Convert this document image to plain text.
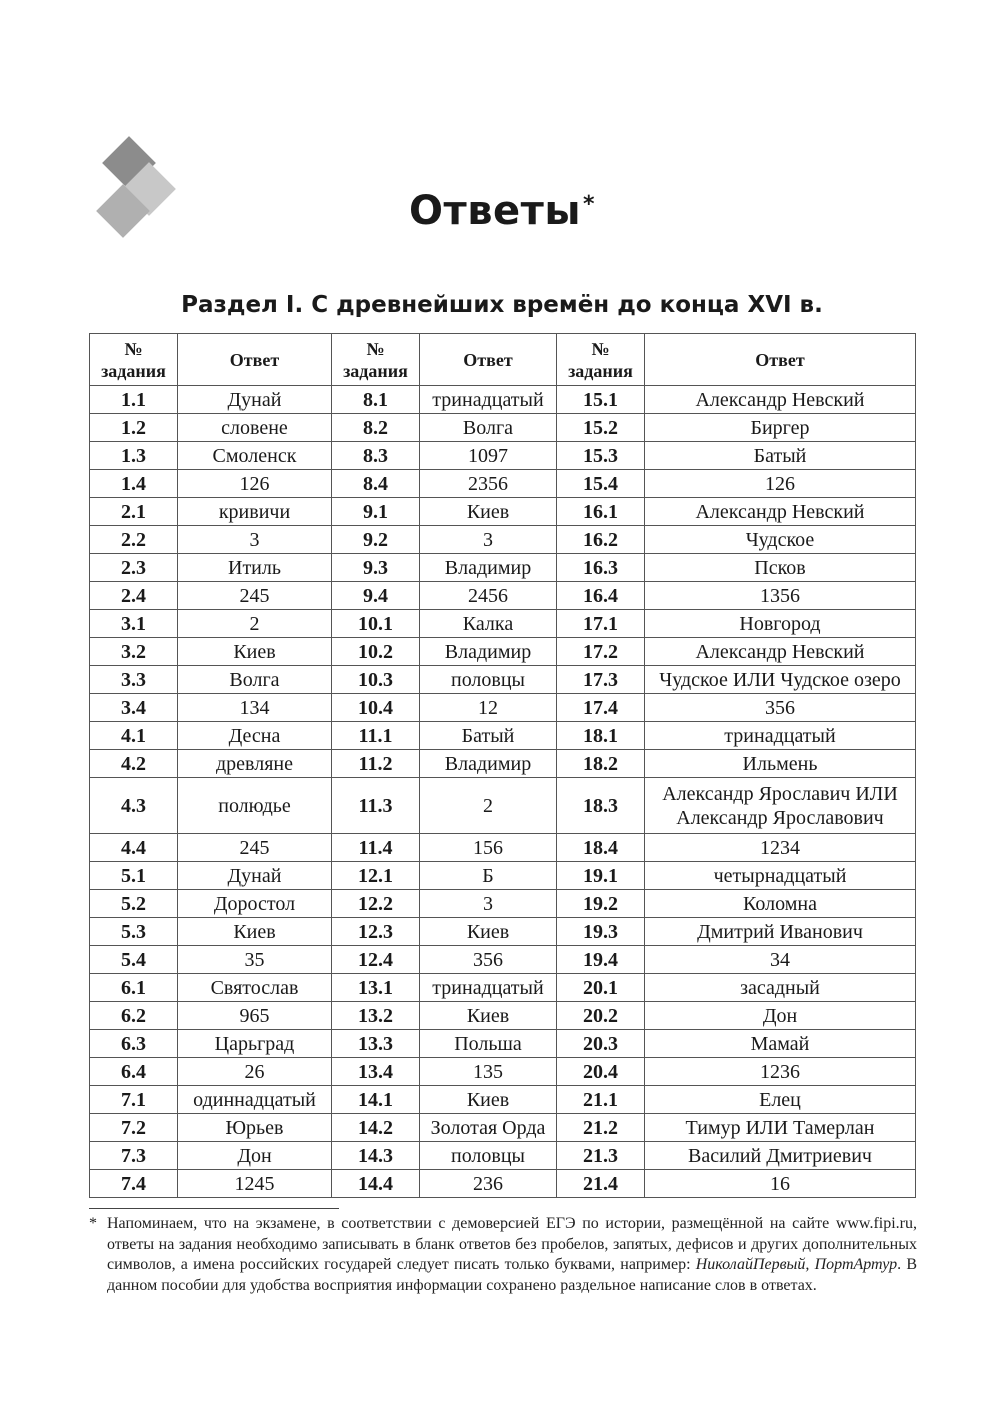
Ответы*
Раздел I. С древнейших времён до конца XVI в.
№ задания	Ответ	№ задания	Ответ	№ задания	Ответ
1.1	Дунай	8.1	тринадцатый	15.1	Александр Невский
1.2	словене	8.2	Волга	15.2	Биргер
1.3	Смоленск	8.3	1097	15.3	Батый
1.4	126	8.4	2356	15.4	126
2.1	кривичи	9.1	Киев	16.1	Александр Невский
2.2	3	9.2	3	16.2	Чудское
2.3	Итиль	9.3	Владимир	16.3	Псков
2.4	245	9.4	2456	16.4	1356
3.1	2	10.1	Калка	17.1	Новгород
3.2	Киев	10.2	Владимир	17.2	Александр Невский
3.3	Волга	10.3	половцы	17.3	Чудское ИЛИ Чудское озеро
3.4	134	10.4	12	17.4	356
4.1	Десна	11.1	Батый	18.1	тринадцатый
4.2	древляне	11.2	Владимир	18.2	Ильмень
4.3	полюдье	11.3	2	18.3	Александр Ярославич ИЛИ Александр Ярославович
4.4	245	11.4	156	18.4	1234
5.1	Дунай	12.1	Б	19.1	четырнадцатый
5.2	Доростол	12.2	3	19.2	Коломна
5.3	Киев	12.3	Киев	19.3	Дмитрий Иванович
5.4	35	12.4	356	19.4	34
6.1	Святослав	13.1	тринадцатый	20.1	засадный
6.2	965	13.2	Киев	20.2	Дон
6.3	Царьград	13.3	Польша	20.3	Мамай
6.4	26	13.4	135	20.4	1236
7.1	одиннадцатый	14.1	Киев	21.1	Елец
7.2	Юрьев	14.2	Золотая Орда	21.2	Тимур ИЛИ Тамерлан
7.3	Дон	14.3	половцы	21.3	Василий Дмитриевич
7.4	1245	14.4	236	21.4	16
* Напоминаем, что на экзамене, в соответствии с демоверсией ЕГЭ по истории, размещённой на сайте www.fipi.ru, ответы на задания необходимо записывать в бланк ответов без пробелов, запятых, дефисов и других дополнительных символов, а имена российских государей следует писать только буквами, например: НиколайПервый, ПортАртур. В данном пособии для удобства восприятия информации сохранено раздельное написание слов в ответах.
